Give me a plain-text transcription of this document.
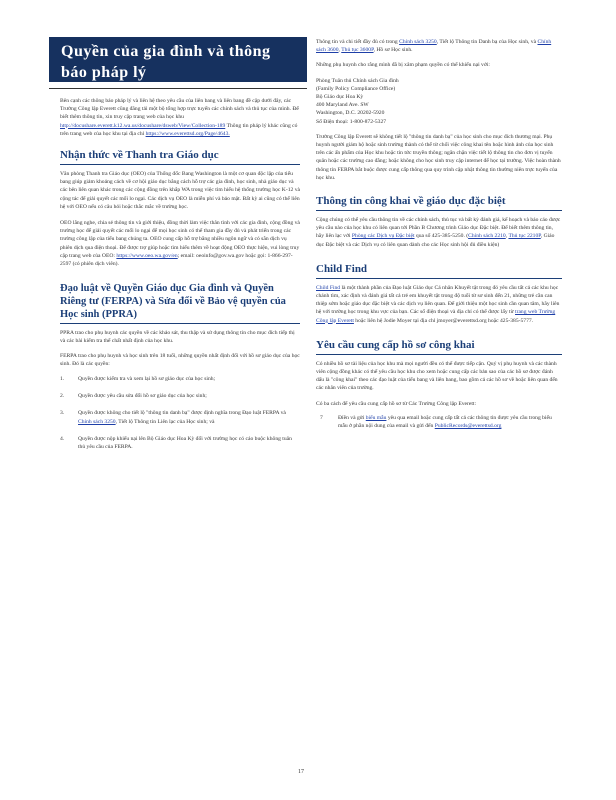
Quyền của gia đình và thông báo pháp lý

Bên cạnh các thông báo pháp lý và liên hệ theo yêu cầu của liên bang và liên bang đề cập dưới đây, các Trường Công lập Everett cũng đăng tải một bộ tổng hợp trực tuyến các chính sách và thủ tục của mình. Để biết thêm thông tin, xin truy cập trang web của học khu http://docushare.everett.k12.wa.us/docushare/dsweb/View/Collection-189 Thông tin pháp lý khác cũng có trên trang web của học khu tại địa chỉ https://www.everettsd.org/Page/4643.

Nhận thức về Thanh tra Giáo dục

Văn phòng Thanh tra Giáo dục (OEO) của Thống đốc Bang Washington là một cơ quan độc lập của tiểu bang giúp giảm khoảng cách về cơ hội giáo dục bằng cách hỗ trợ các gia đình, học sinh, nhà giáo dục và các bên liên quan khác trong các cộng đồng trên khắp WA trong việc tìm hiểu hệ thống trường học K-12 và cộng tác để giải quyết các mối lo ngại. Các dịch vụ OEO là miễn phí và bảo mật. Bất kỳ ai cũng có thể liên hệ với OEO nếu có câu hỏi hoặc thắc mắc về trường học.

OEO lắng nghe, chia sẻ thông tin và giới thiệu, đồng thời làm việc thân tình với các gia đình, cộng đồng và trường học để giải quyết các mối lo ngại để mọi học sinh có thể tham gia đầy đủ và phát triển trong các trường công lập của tiểu bang chúng ta. OEO cung cấp hỗ trợ bằng nhiều ngôn ngữ và có sẵn dịch vụ phiên dịch qua điện thoại. Để được trợ giúp hoặc tìm hiểu thêm về hoạt động OEO thực hiện, vui lòng truy cập trang web của OEO: https://www.oeo.wa.gov/en; email: oeoinfo@gov.wa.gov hoặc gọi: 1-866-297-2597 (có phiên dịch viên).

Đạo luật về Quyền Giáo dục Gia đình và Quyền Riêng tư (FERPA) và Sửa đổi về Bảo vệ quyền của Học sinh (PPRA)

PPRA trao cho phụ huynh các quyền về các khảo sát, thu thập và sử dụng thông tin cho mục đích tiếp thị và các bài kiểm tra thể chất nhất định của học khu.

FERPA trao cho phụ huynh và học sinh trên 18 tuổi, những quyền nhất định đối với hồ sơ giáo dục của học sinh. Đó là các quyền:

1. Quyền được kiểm tra và xem lại hồ sơ giáo dục của học sinh;
2. Quyền được yêu cầu sửa đổi hồ sơ giáo dục của học sinh;
3. Quyền được không cho tiết lộ "thông tin danh bạ" được định nghĩa trong Đạo luật FERPA và Chính sách 3250, Tiết lộ Thông tin Liên lạc của Học sinh; và
4. Quyền được nộp khiếu nại lên Bộ Giáo dục Hoa Kỳ đối với trường học có cáo buộc không tuân thủ yêu cầu của FERPA.

Thông tin và chi tiết đầy đủ có trong Chính sách 3250, Tiết lộ Thông tin Danh bạ của Học sinh, và Chính sách 3600, Thủ tục 3600P, Hồ sơ Học sinh.

Những phụ huynh cho rằng mình đã bị xâm phạm quyền có thể khiếu nại với:

Phòng Tuân thủ Chính sách Gia đình

(Family Policy Compliance Office)

Bộ Giáo dục Hoa Kỳ

400 Maryland Ave. SW

Washington, D.C. 20202-5920

Số Điện thoại: 1-800-872-5327

Trường Công lập Everett sẽ không tiết lộ "thông tin danh bạ" của học sinh cho mục đích thương mại. Phụ huynh người giám hộ hoặc sinh trường thành có thể từ chối việc công khai tên hoặc hình ảnh của học sinh trên các ấn phẩm của Học khu hoặc tin tức truyền thông; ngăn chặn việc tiết lộ thông tin cho đơn vị tuyển quân hoặc các trường cao đẳng; hoặc không cho học sinh truy cập internet để học tại trường. Việc hoàn thành thông tin FERPA bắt buộc được cung cấp thông qua quy trình cập nhật thông tin thường niên trực tuyến của học khu.

Thông tin công khai về giáo dục đặc biệt

Cộng chúng có thể yêu cầu thông tin về các chính sách, thủ tục và bất kỳ đánh giá, kế hoạch và báo cáo được yêu cầu nào của học khu có liên quan tới Phần B Chương trình Giáo dục Đặc biệt. Để biết thêm thông tin, hãy liên lạc với Phòng các Dịch vụ Đặc biệt qua số 425-385-5250. (Chính sách 2210, Thủ tục 2210P, Giáo dục Đặc biệt và các Dịch vụ có liên quan dành cho các Học sinh hội đủ điều kiện)

Child Find

Child Find là một thành phần của Đạo luật Giáo dục Cá nhân Khuyết tật trong đó yêu cầu tất cả các khu học chánh tìm, xác định và đánh giá tất cả trẻ em khuyết tật trong độ tuổi từ sơ sinh đến 21, những trẻ cần can thiệp sớm hoặc giáo dục đặc biệt và các dịch vụ liên quan. Để giới thiệu một học sinh cần quan tâm, hãy liên hệ với trường học trong khu vực của bạn. Các số điện thoại và địa chỉ có thể được lấy từ trang web Trường Công lập Everett hoặc liên hệ Jodie Moyer tại địa chỉ jmoyer@everettsd.org hoặc 425-385-5777.

Yêu cầu cung cấp hồ sơ công khai

Có nhiều hồ sơ tài liệu của học khu mà mọi người đều có thể được tiếp cận. Quý vị phụ huynh và các thành viên cộng đồng khác có thể yêu cầu học khu cho xem hoặc cung cấp các bản sao của các hồ sơ được đánh dấu là "công khai" theo các đạo luật của tiểu bang và liên bang, bao gồm cả các hồ sơ về hoặc liên quan đến các nhân viên của trường.

Có ba cách để yêu cầu cung cấp hồ sơ từ Các Trường Công lập Everett:

7	Điền và gửi biểu mẫu yêu qua email hoặc cung cấp tất cả các thông tin được yêu cầu trong biểu mẫu ở phần nội dung của email và gửi đến PublicRecords@everettsd.org

17
